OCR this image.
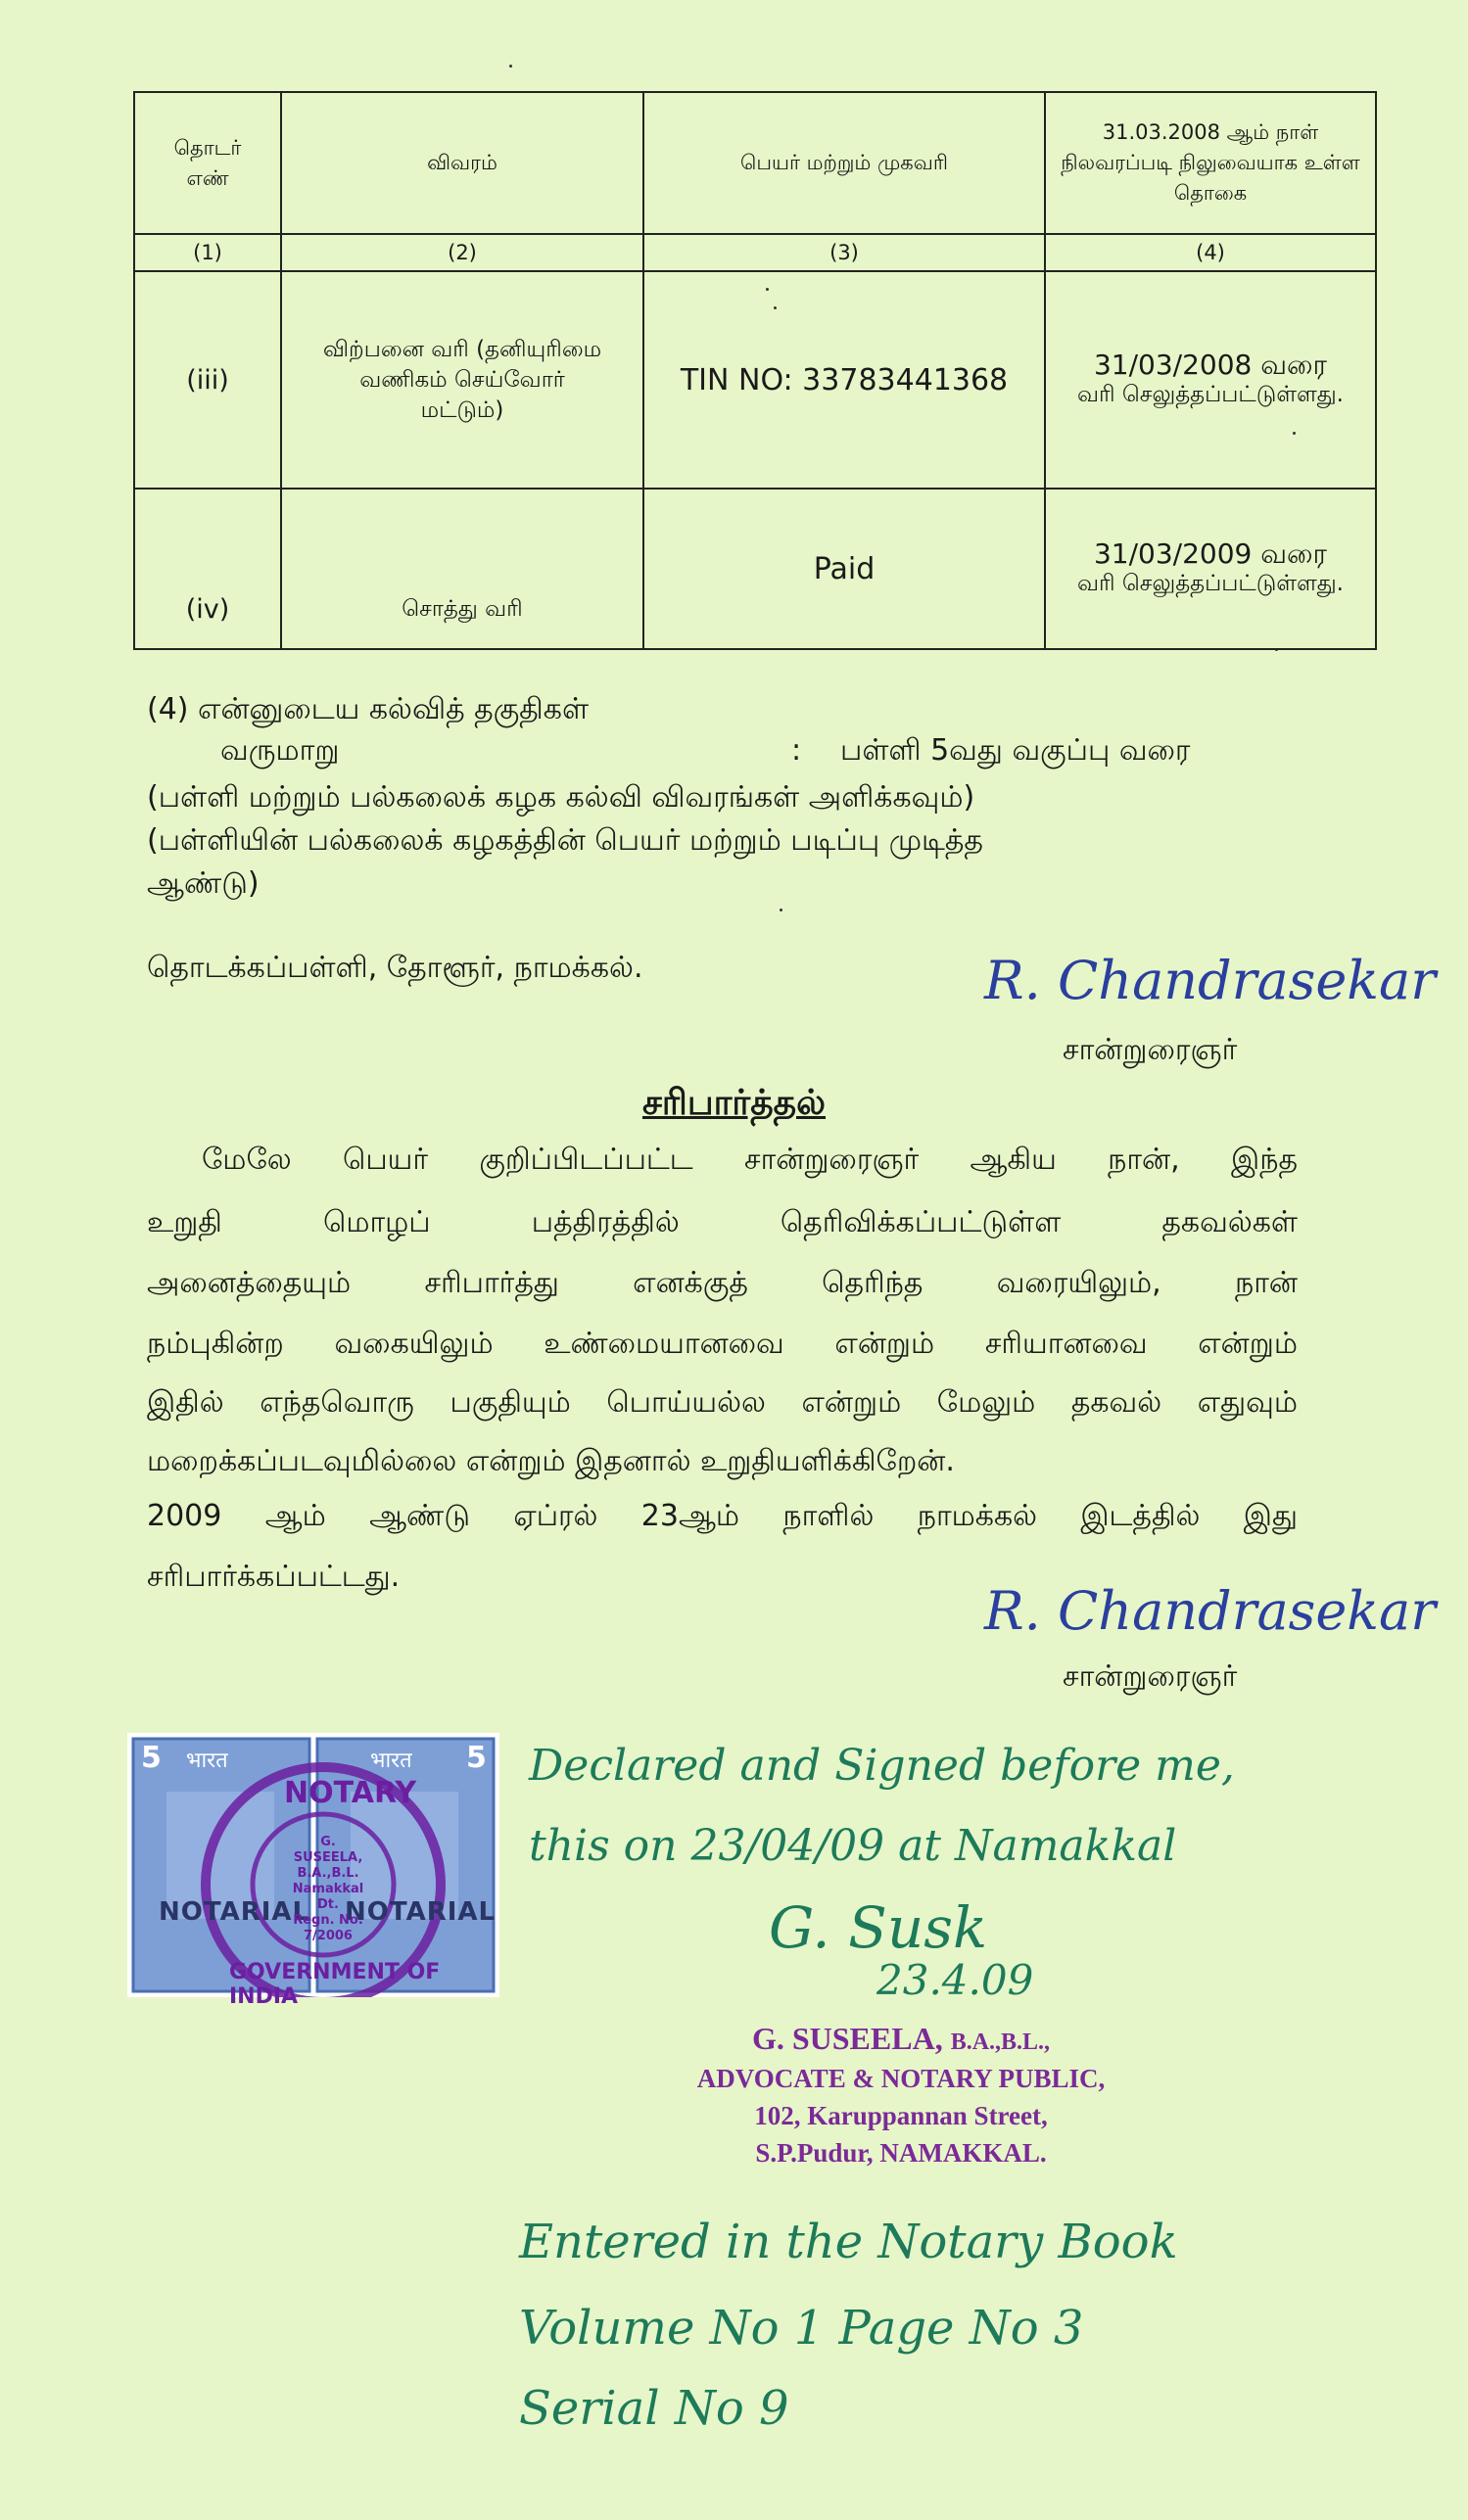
தொடர் எண்	விவரம்	பெயர் மற்றும் முகவரி	31.03.2008 ஆம் நாள் நிலவரப்படி நிலுவையாக உள்ள தொகை
(1)	(2)	(3)	(4)
(iii)	விற்பனை வரி (தனியுரிமை வணிகம் செய்வோர் மட்டும்)	TIN NO: 33783441368	31/03/2008 வரை
வரி செலுத்தப்பட்டுள்ளது.

(iv)	சொத்து வரி	Paid	31/03/2009 வரை
வரி செலுத்தப்பட்டுள்ளது.
(4) என்னுடைய கல்வித் தகுதிகள்
வருமாறு	: பள்ளி 5வது வகுப்பு வரை
(பள்ளி மற்றும் பல்கலைக் கழக கல்வி விவரங்கள் அளிக்கவும்)
(பள்ளியின் பல்கலைக் கழகத்தின் பெயர் மற்றும் படிப்பு முடித்த
ஆண்டு)
தொடக்கப்பள்ளி, தோளூர், நாமக்கல்.	R. Chandrasekar
சான்றுரைஞர்
சரிபார்த்தல்
மேலே பெயர் குறிப்பிடப்பட்ட சான்றுரைஞர் ஆகிய நான், இந்த
உறுதி மொழப் பத்திரத்தில் தெரிவிக்கப்பட்டுள்ள தகவல்கள்
அனைத்தையும் சரிபார்த்து எனக்குத் தெரிந்த வரையிலும், நான்
நம்புகின்ற வகையிலும் உண்மையானவை என்றும் சரியானவை என்றும்
இதில் எந்தவொரு பகுதியும் பொய்யல்ல என்றும் மேலும் தகவல் எதுவும்
மறைக்கப்படவுமில்லை என்றும் இதனால் உறுதியளிக்கிறேன்.
2009 ஆம் ஆண்டு ஏப்ரல் 23ஆம் நாளில் நாமக்கல் இடத்தில் இது
சரிபார்க்கப்பட்டது.
R. Chandrasekar
சான்றுரைஞர்
5	5
भारत	भारत
NOTARIAL NOTARIAL
NOTARY
GOVERNMENT OF INDIA
G. SUSEELA,
B.A.,B.L.
Namakkal Dt.
Regn. No. 7/2006
Declared and Signed before me,
this on 23/04/09 at Namakkal
G. Susk
23.4.09
G. SUSEELA, B.A.,B.L.,
ADVOCATE & NOTARY PUBLIC,
102, Karuppannan Street,
S.P.Pudur, NAMAKKAL.
Entered in the Notary Book
Volume No 1 Page No 3
Serial No 9
